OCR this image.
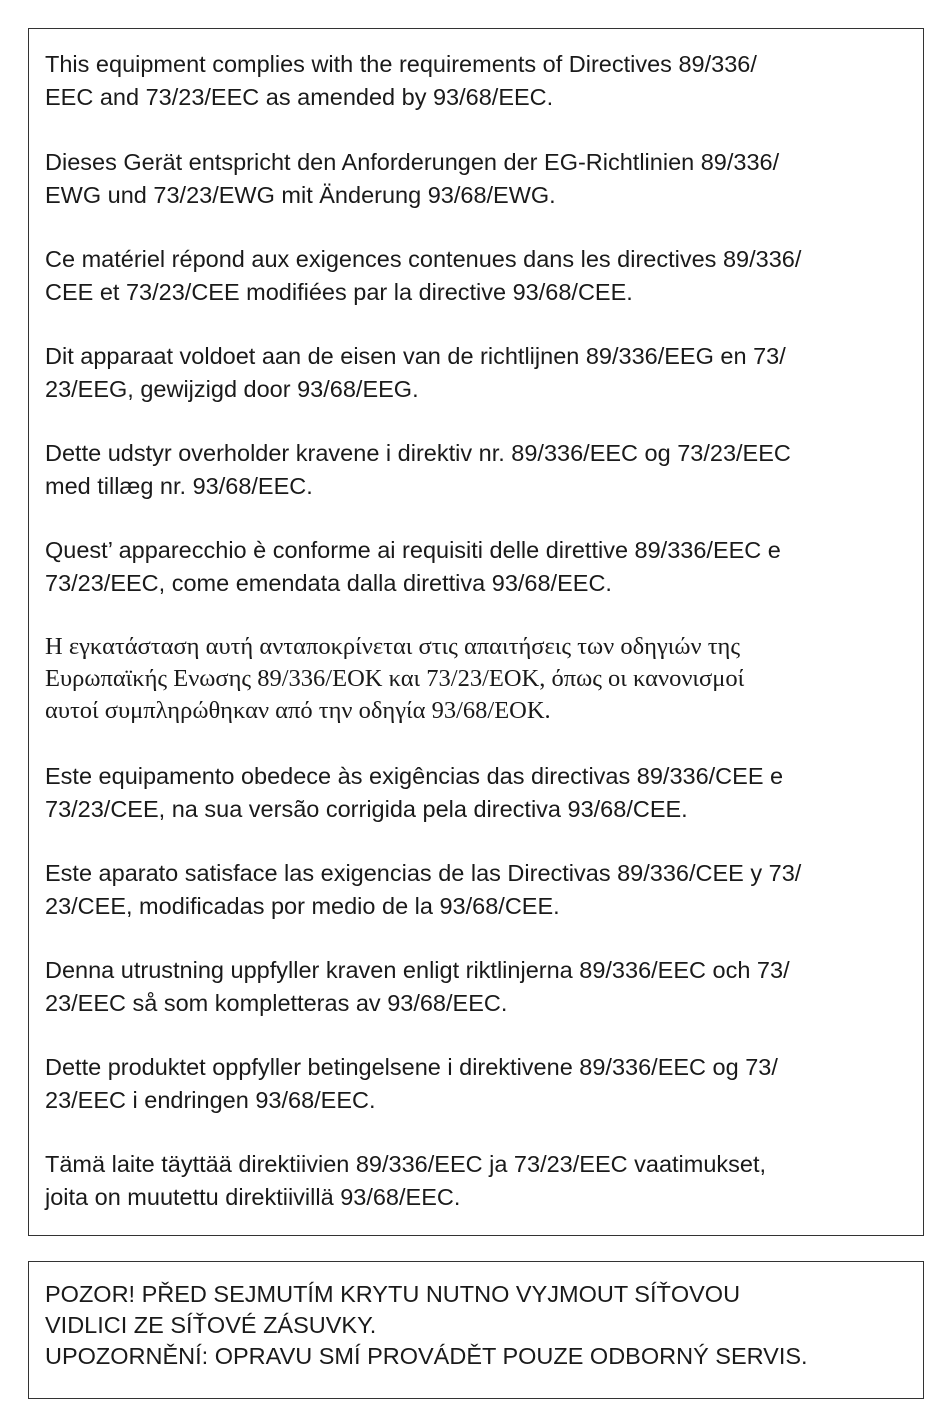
This equipment complies with the requirements of Directives 89/336/
EEC and 73/23/EEC as amended by 93/68/EEC.

Dieses Gerät entspricht den Anforderungen der EG-Richtlinien 89/336/
EWG und 73/23/EWG mit Änderung 93/68/EWG.

Ce matériel répond aux exigences contenues dans les directives 89/336/
CEE et 73/23/CEE modifiées par la directive 93/68/CEE.

Dit apparaat voldoet aan de eisen van de richtlijnen 89/336/EEG en 73/
23/EEG, gewijzigd door 93/68/EEG.

Dette udstyr overholder kravene i direktiv nr. 89/336/EEC og 73/23/EEC
med tillæg nr. 93/68/EEC.

Quest’ apparecchio è conforme ai requisiti delle direttive 89/336/EEC e
73/23/EEC, come emendata dalla direttiva 93/68/EEC.

Η εγκατάσταση αυτή ανταποκρίνεται στις απαιτήσεις των οδηγιών της
Ευρωπαϊκής Ενωσης 89/336/ΕΟΚ και 73/23/ΕΟΚ, όπως οι κανονισμοί
αυτοί συμπληρώθηκαν από την οδηγία 93/68/ΕΟΚ.

Este equipamento obedece às exigências das directivas 89/336/CEE e
73/23/CEE, na sua versão corrigida pela directiva 93/68/CEE.

Este aparato satisface las exigencias de las Directivas 89/336/CEE y 73/
23/CEE, modificadas por medio de la 93/68/CEE.

Denna utrustning uppfyller kraven enligt riktlinjerna 89/336/EEC och 73/
23/EEC så som kompletteras av 93/68/EEC.

Dette produktet oppfyller betingelsene i direktivene 89/336/EEC og 73/
23/EEC i endringen 93/68/EEC.

Tämä laite täyttää direktiivien 89/336/EEC ja 73/23/EEC vaatimukset,
joita on muutettu direktiivillä 93/68/EEC.

POZOR! PŘED SEJMUTÍM KRYTU NUTNO VYJMOUT SÍŤOVOU
VIDLICI ZE SÍŤOVÉ ZÁSUVKY.

UPOZORNĚNÍ: OPRAVU SMÍ PROVÁDĚT POUZE ODBORNÝ SERVIS.
